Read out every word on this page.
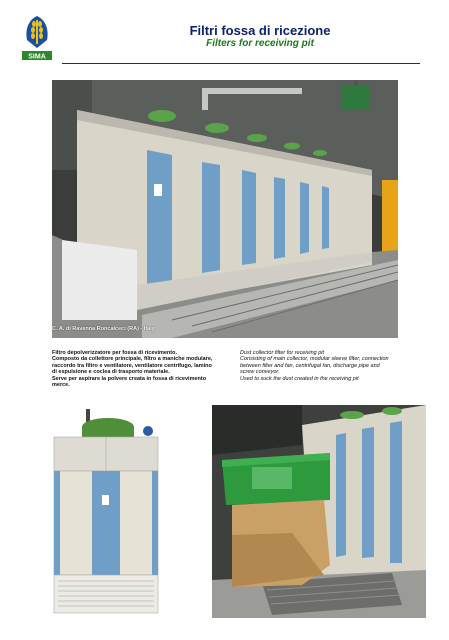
SIMA
Filtri fossa di ricezione
Filters for receiving pit
C. A. di Ravenna Roncalceci (RA) - Italy
Filtro depolverizzatore per fossa di ricevimento.
Composto da collettore principale, filtro a maniche modulare,
raccordo tra filtro e ventilatore, ventilatore centrifugo, lamino
di espulsione e coclea di trasporto materiale.
Serve per aspirare la polvere creata in fossa di ricevimento
merce.
Dust collector filter for receiving pit
Consisting of main collector, modular sleeve filter, connection
between filter and fan, centrifugal fan, discharge pipe and
screw conveyor.
Used to suck the dust created in the receiving pit
